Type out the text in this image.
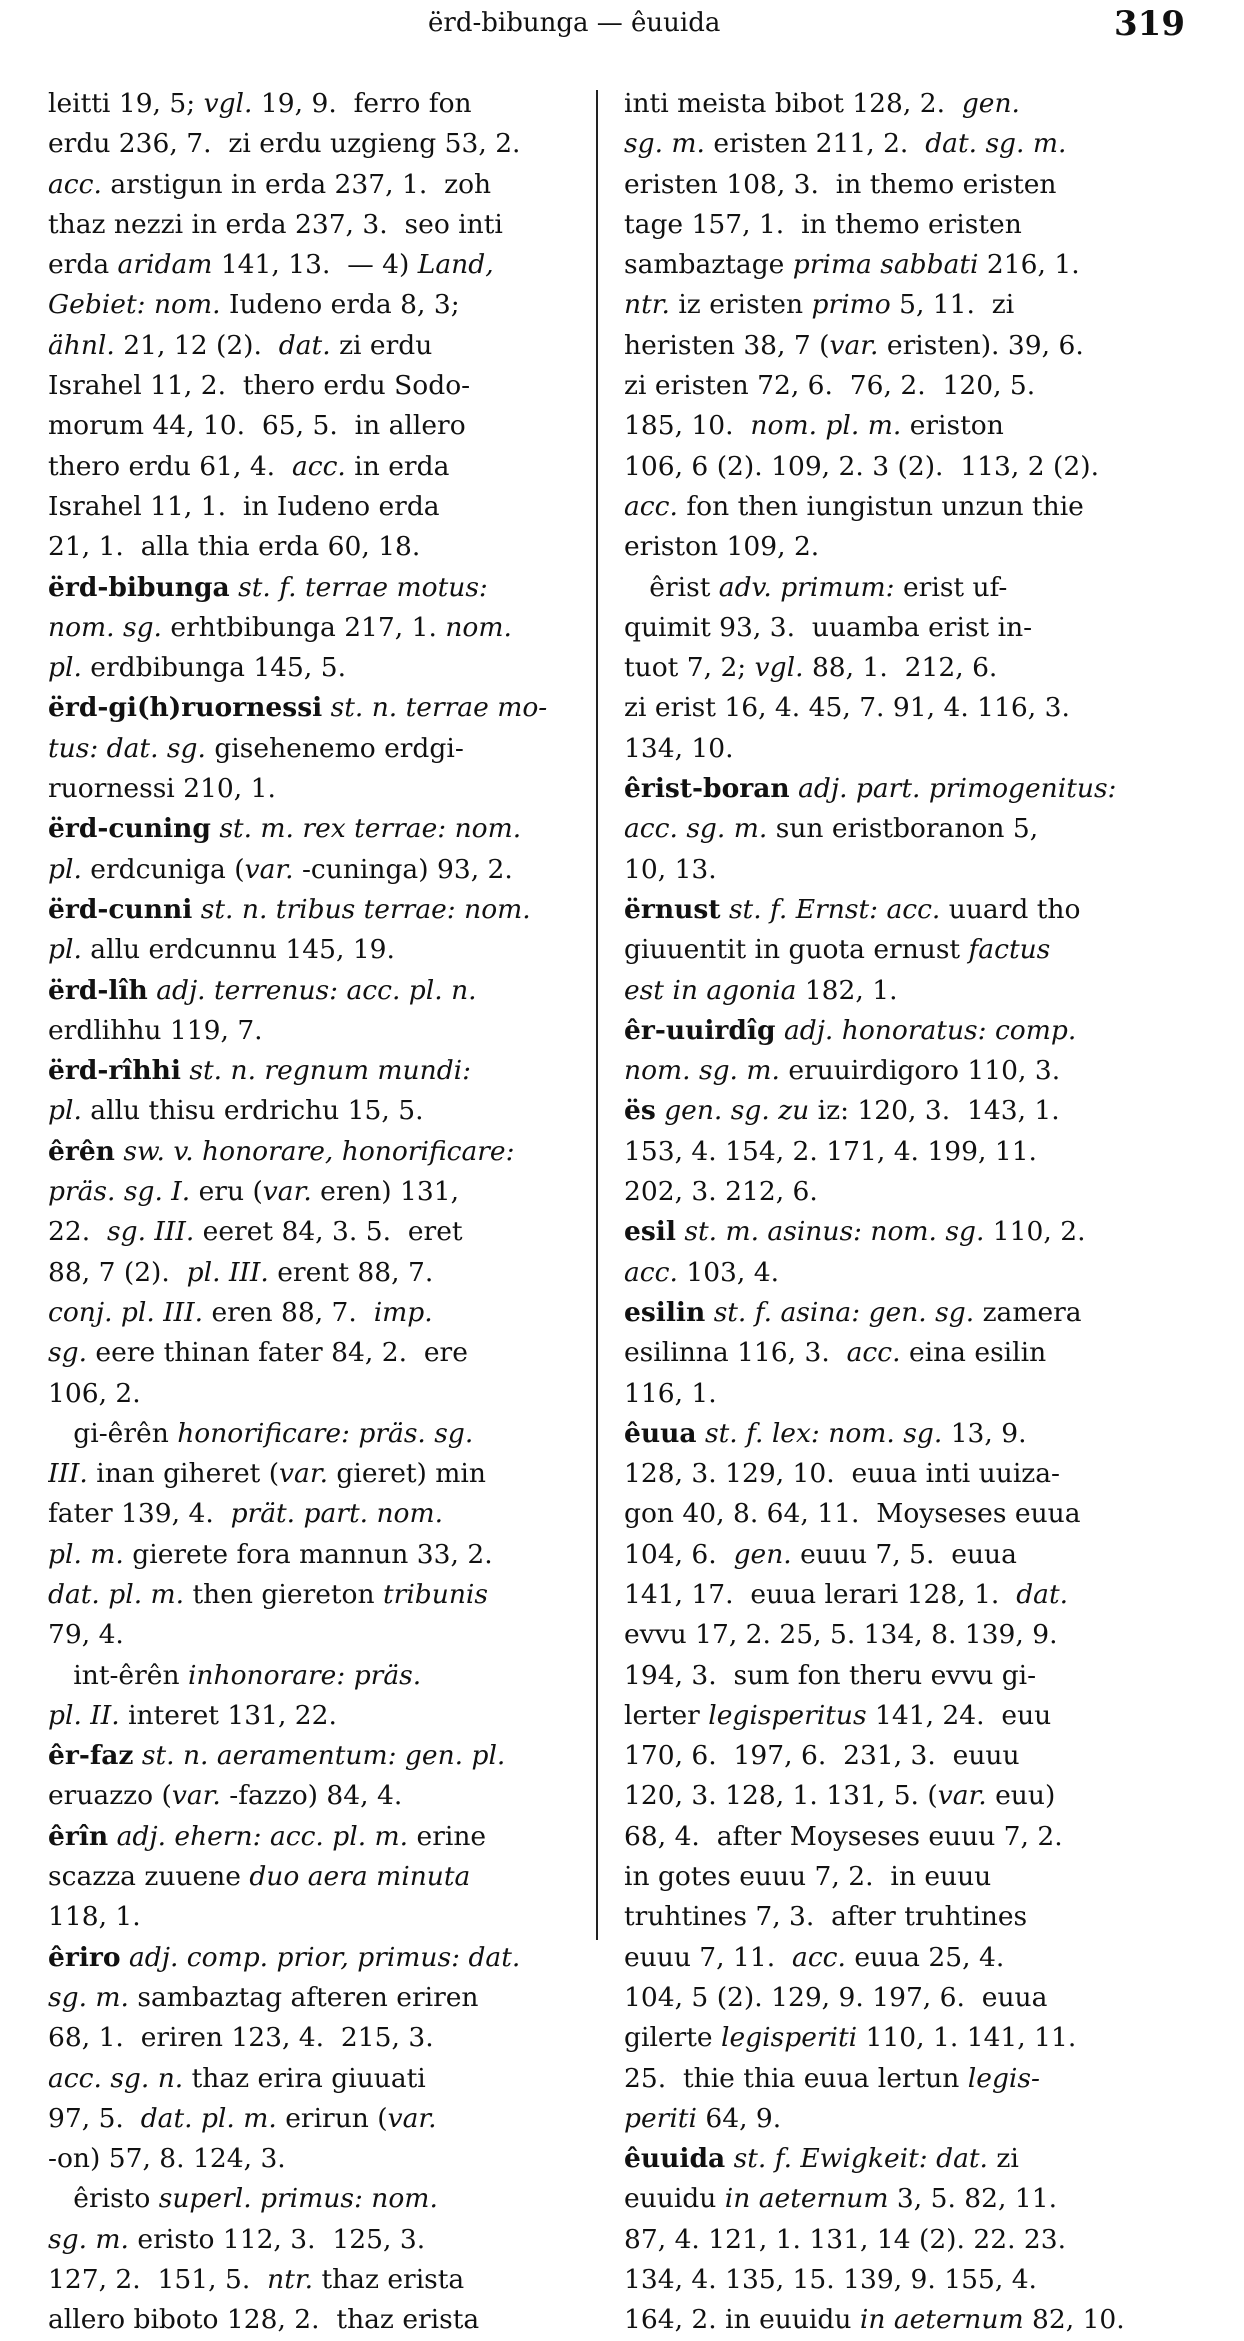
ërd-bibunga — êuuida	319
leitti 19, 5; vgl. 19, 9.  ferro fon
erdu 236, 7.  zi erdu uzgieng 53, 2.
acc. arstigun in erda 237, 1.  zoh
thaz nezzi in erda 237, 3.  seo inti
erda aridam 141, 13.  — 4) Land,
Gebiet: nom. Iudeno erda 8, 3;
ähnl. 21, 12 (2).  dat. zi erdu
Israhel 11, 2.  thero erdu Sodo-
morum 44, 10.  65, 5.  in allero
thero erdu 61, 4.  acc. in erda
Israhel 11, 1.  in Iudeno erda
21, 1.  alla thia erda 60, 18.
ërd-bibunga st. f. terrae motus:
nom. sg. erhtbibunga 217, 1. nom.
pl. erdbibunga 145, 5.
ërd-gi(h)ruornessi st. n. terrae mo-
tus: dat. sg. gisehenemo erdgi-
ruornessi 210, 1.
ërd-cuning st. m. rex terrae: nom.
pl. erdcuniga (var. -cuninga) 93, 2.
ërd-cunni st. n. tribus terrae: nom.
pl. allu erdcunnu 145, 19.
ërd-lîh adj. terrenus: acc. pl. n.
erdlihhu 119, 7.
ërd-rîhhi st. n. regnum mundi:
pl. allu thisu erdrichu 15, 5.
êrên sw. v. honorare, honorificare:
präs. sg. I. eru (var. eren) 131,
22.  sg. III. eeret 84, 3. 5.  eret
88, 7 (2).  pl. III. erent 88, 7.
conj. pl. III. eren 88, 7.  imp.
sg. eere thinan fater 84, 2.  ere
106, 2.
gi-êrên honorificare: präs. sg.
III. inan giheret (var. gieret) min
fater 139, 4.  prät. part. nom.
pl. m. gierete fora mannun 33, 2.
dat. pl. m. then giereton tribunis
79, 4.
int-êrên inhonorare: präs.
pl. II. interet 131, 22.
êr-faz st. n. aeramentum: gen. pl.
eruazzo (var. -fazzo) 84, 4.
êrîn adj. ehern: acc. pl. m. erine
scazza zuuene duo aera minuta
118, 1.
êriro adj. comp. prior, primus: dat.
sg. m. sambaztag afteren eriren
68, 1.  eriren 123, 4.  215, 3.
acc. sg. n. thaz erira giuuati
97, 5.  dat. pl. m. erirun (var.
-on) 57, 8. 124, 3.
êristo superl. primus: nom.
sg. m. eristo 112, 3.  125, 3.
127, 2.  151, 5.  ntr. thaz erista
allero biboto 128, 2.  thaz erista
inti meista bibot 128, 2.  gen.
sg. m. eristen 211, 2.  dat. sg. m.
eristen 108, 3.  in themo eristen
tage 157, 1.  in themo eristen
sambaztage prima sabbati 216, 1.
ntr. iz eristen primo 5, 11.  zi
heristen 38, 7 (var. eristen). 39, 6.
zi eristen 72, 6.  76, 2.  120, 5.
185, 10.  nom. pl. m. eriston
106, 6 (2). 109, 2. 3 (2).  113, 2 (2).
acc. fon then iungistun unzun thie
eriston 109, 2.
êrist adv. primum: erist uf-
quimit 93, 3.  uuamba erist in-
tuot 7, 2; vgl. 88, 1.  212, 6.
zi erist 16, 4. 45, 7. 91, 4. 116, 3.
134, 10.
êrist-boran adj. part. primogenitus:
acc. sg. m. sun eristboranon 5,
10, 13.
ërnust st. f. Ernst: acc. uuard tho
giuuentit in guota ernust factus
est in agonia 182, 1.
êr-uuirdîg adj. honoratus: comp.
nom. sg. m. eruuirdigoro 110, 3.
ës gen. sg. zu iz: 120, 3.  143, 1.
153, 4. 154, 2. 171, 4. 199, 11.
202, 3. 212, 6.
esil st. m. asinus: nom. sg. 110, 2.
acc. 103, 4.
esilin st. f. asina: gen. sg. zamera
esilinna 116, 3.  acc. eina esilin
116, 1.
êuua st. f. lex: nom. sg. 13, 9.
128, 3. 129, 10.  euua inti uuiza-
gon 40, 8. 64, 11.  Moyseses euua
104, 6.  gen. euuu 7, 5.  euua
141, 17.  euua lerari 128, 1.  dat.
evvu 17, 2. 25, 5. 134, 8. 139, 9.
194, 3.  sum fon theru evvu gi-
lerter legisperitus 141, 24.  euu
170, 6.  197, 6.  231, 3.  euuu
120, 3. 128, 1. 131, 5. (var. euu)
68, 4.  after Moyseses euuu 7, 2.
in gotes euuu 7, 2.  in euuu
truhtines 7, 3.  after truhtines
euuu 7, 11.  acc. euua 25, 4.
104, 5 (2). 129, 9. 197, 6.  euua
gilerte legisperiti 110, 1. 141, 11.
25.  thie thia euua lertun legis-
periti 64, 9.
êuuida st. f. Ewigkeit: dat. zi
euuidu in aeternum 3, 5. 82, 11.
87, 4. 121, 1. 131, 14 (2). 22. 23.
134, 4. 135, 15. 139, 9. 155, 4.
164, 2. in euuidu in aeternum 82, 10.
